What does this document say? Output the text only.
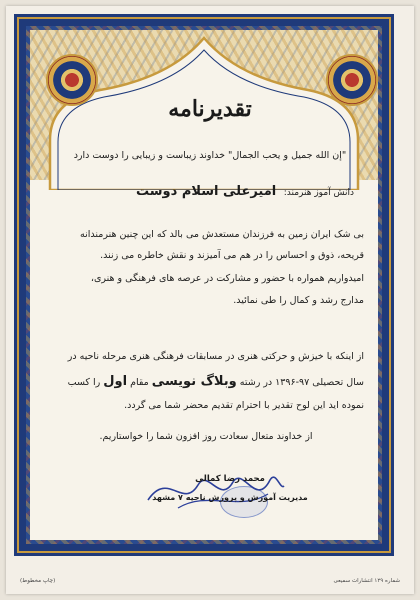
تقدیرنامه
"إن الله جمیل و یحب الجمال" خداوند زیباست و زیبایی را دوست دارد
دانش آموز هنرمند: امیرعلی اسلام دوست
بی شک ایران زمین به فرزندان مستعدش می بالد که این چنین هنرمندانه
قریحه، ذوق و احساس را در هم می آمیزند و نقش خاطره می زنند.
امیدواریم همواره با حضور و مشارکت در عرصه های فرهنگی و هنری،
مدارج رشد و کمال را طی نمائید.
از اینکه با خیزش و حرکتی هنری در مسابقات فرهنگی هنری مرحله ناحیه در
سال تحصیلی ۹۷-۱۳۹۶ در رشته وبلاگ نویسی مقام اول را کسب
نموده اید این لوح تقدیر با احترام تقدیم محضر شما می گردد.
از خداوند متعال سعادت روز افزون شما را خواستاریم.
محمد رضا کمالی
مدیریت آموزش و پرورش ناحیه ۷ مشهد
شماره ۱۲۹ انتشارات سمیعی
(چاپ مخطوط)
